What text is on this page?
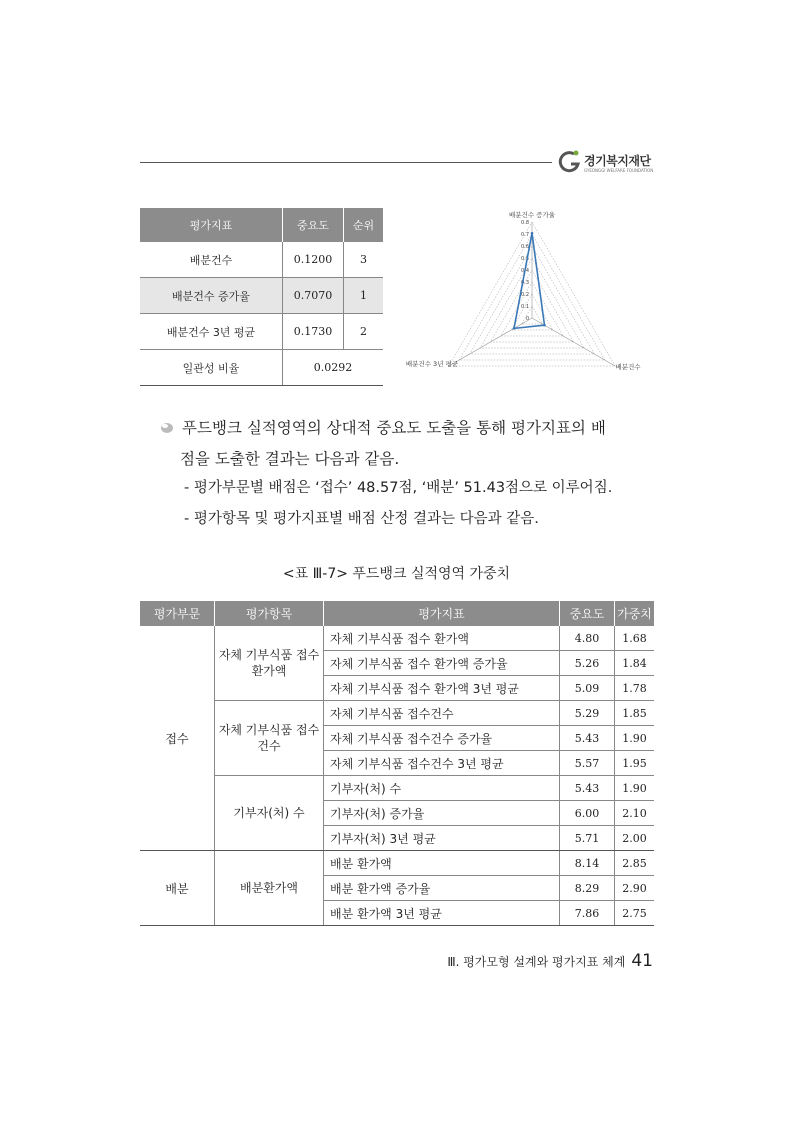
경기복지재단
GYEONGGI WELFARE FOUNDATION
평가지표	중요도	순위
배분건수	0.1200	3
배분건수 증가율	0.7070	1
배분건수 3년 평균	0.1730	2
일관성 비율	0.0292	
0.8
0.7
0.6
0.5
0.4
0.3
0.2
0.1
0
배분건수 증가율
배분건수 3년 평균	배분건수
푸드뱅크 실적영역의 상대적 중요도 도출을 통해 평가지표의 배
점을 도출한 결과는 다음과 같음.
- 평가부문별 배점은 ‘접수’ 48.57점, ‘배분’ 51.43점으로 이루어짐.
- 평가항목 및 평가지표별 배점 산정 결과는 다음과 같음.
<표 Ⅲ-7> 푸드뱅크 실적영역 가중치
평가부문	평가항목	평가지표	중요도	가중치
접수	자체 기부식품 접수 환가액	자체 기부식품 접수 환가액	4.80	1.68
		자체 기부식품 접수 환가액 증가율	5.26	1.84
		자체 기부식품 접수 환가액 3년 평균	5.09	1.78
	자체 기부식품 접수건수	자체 기부식품 접수건수	5.29	1.85
		자체 기부식품 접수건수 증가율	5.43	1.90
		자체 기부식품 접수건수 3년 평균	5.57	1.95
	기부자(처) 수	기부자(처) 수	5.43	1.90
		기부자(처) 증가율	6.00	2.10
		기부자(처) 3년 평균	5.71	2.00
배분	배분환가액	배분 환가액	8.14	2.85
		배분 환가액 증가율	8.29	2.90
		배분 환가액 3년 평균	7.86	2.75
Ⅲ. 평가모형 설계와 평가지표 체계 41
